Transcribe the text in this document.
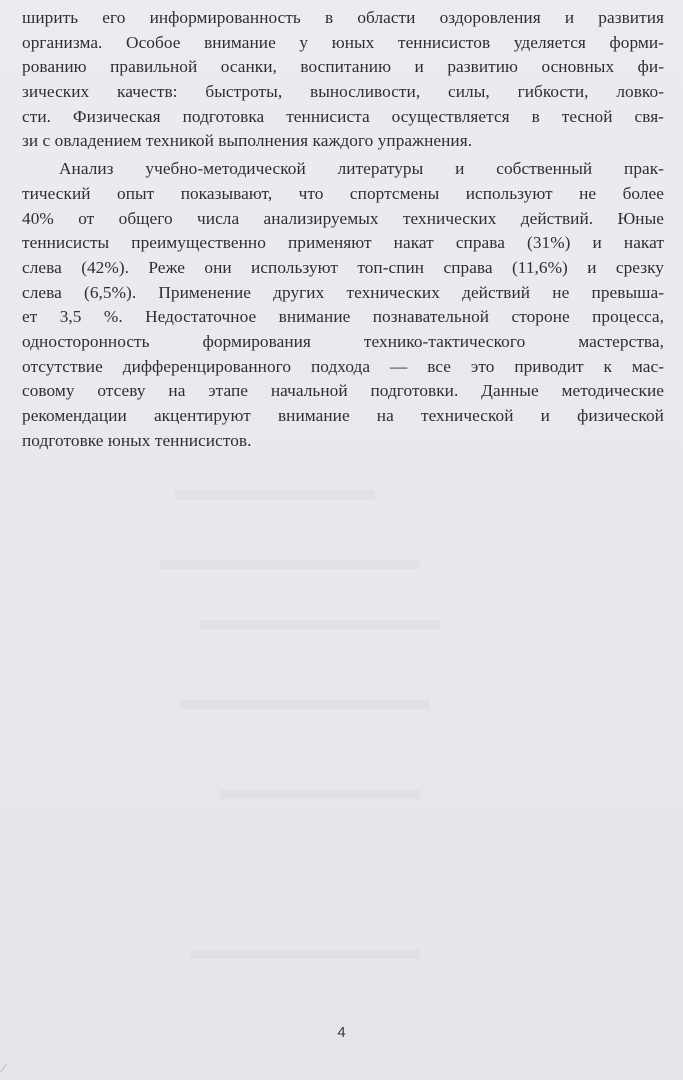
ширить его информированность в области оздоровления и развития
организма. Особое внимание у юных теннисистов уделяется форми-
рованию правильной осанки, воспитанию и развитию основных фи-
зических качеств: быстроты, выносливости, силы, гибкости, ловко-
сти. Физическая подготовка теннисиста осуществляется в тесной свя-
зи с овладением техникой выполнения каждого упражнения.
Анализ учебно-методической литературы и собственный прак-
тический опыт показывают, что спортсмены используют не более
40% от общего числа анализируемых технических действий. Юные
теннисисты преимущественно применяют накат справа (31%) и накат
слева (42%). Реже они используют топ-спин справа (11,6%) и срезку
слева (6,5%). Применение других технических действий не превыша-
ет 3,5 %. Недостаточное внимание познавательной стороне процесса,
односторонность формирования технико-тактического мастерства,
отсутствие дифференцированного подхода — все это приводит к мас-
совому отсеву на этапе начальной подготовки. Данные методические
рекомендации акцентируют внимание на технической и физической
подготовке юных теннисистов.
4
